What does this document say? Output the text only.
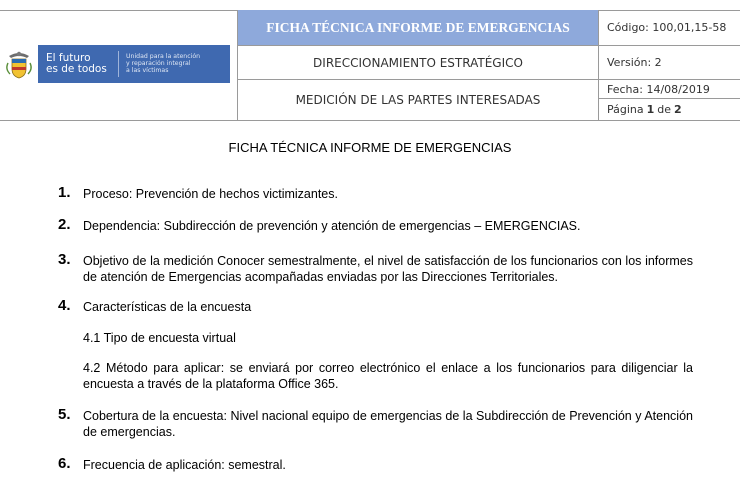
El futuro
es de todos
Unidad para la atención
y reparación integral
a las víctimas
FICHA TÉCNICA INFORME DE EMERGENCIAS
DIRECCIONAMIENTO ESTRATÉGICO
MEDICIÓN DE LAS PARTES INTERESADAS
Código: 100,01,15-58
Versión: 2
Fecha: 14/08/2019
Página 1 de 2
FICHA TÉCNICA INFORME DE EMERGENCIAS
1. Proceso: Prevención de hechos victimizantes.
2. Dependencia: Subdirección de prevención y atención de emergencias – EMERGENCIAS.
3. Objetivo de la medición Conocer semestralmente, el nivel de satisfacción de los funcionarios con los informes de atención de Emergencias acompañadas enviadas por las Direcciones Territoriales.
4. Características de la encuesta
4.1 Tipo de encuesta virtual
4.2 Método para aplicar: se enviará por correo electrónico el enlace a los funcionarios para diligenciar la encuesta a través de la plataforma Office 365.
5. Cobertura de la encuesta: Nivel nacional equipo de emergencias de la Subdirección de Prevención y Atención de emergencias.
6. Frecuencia de aplicación: semestral.
